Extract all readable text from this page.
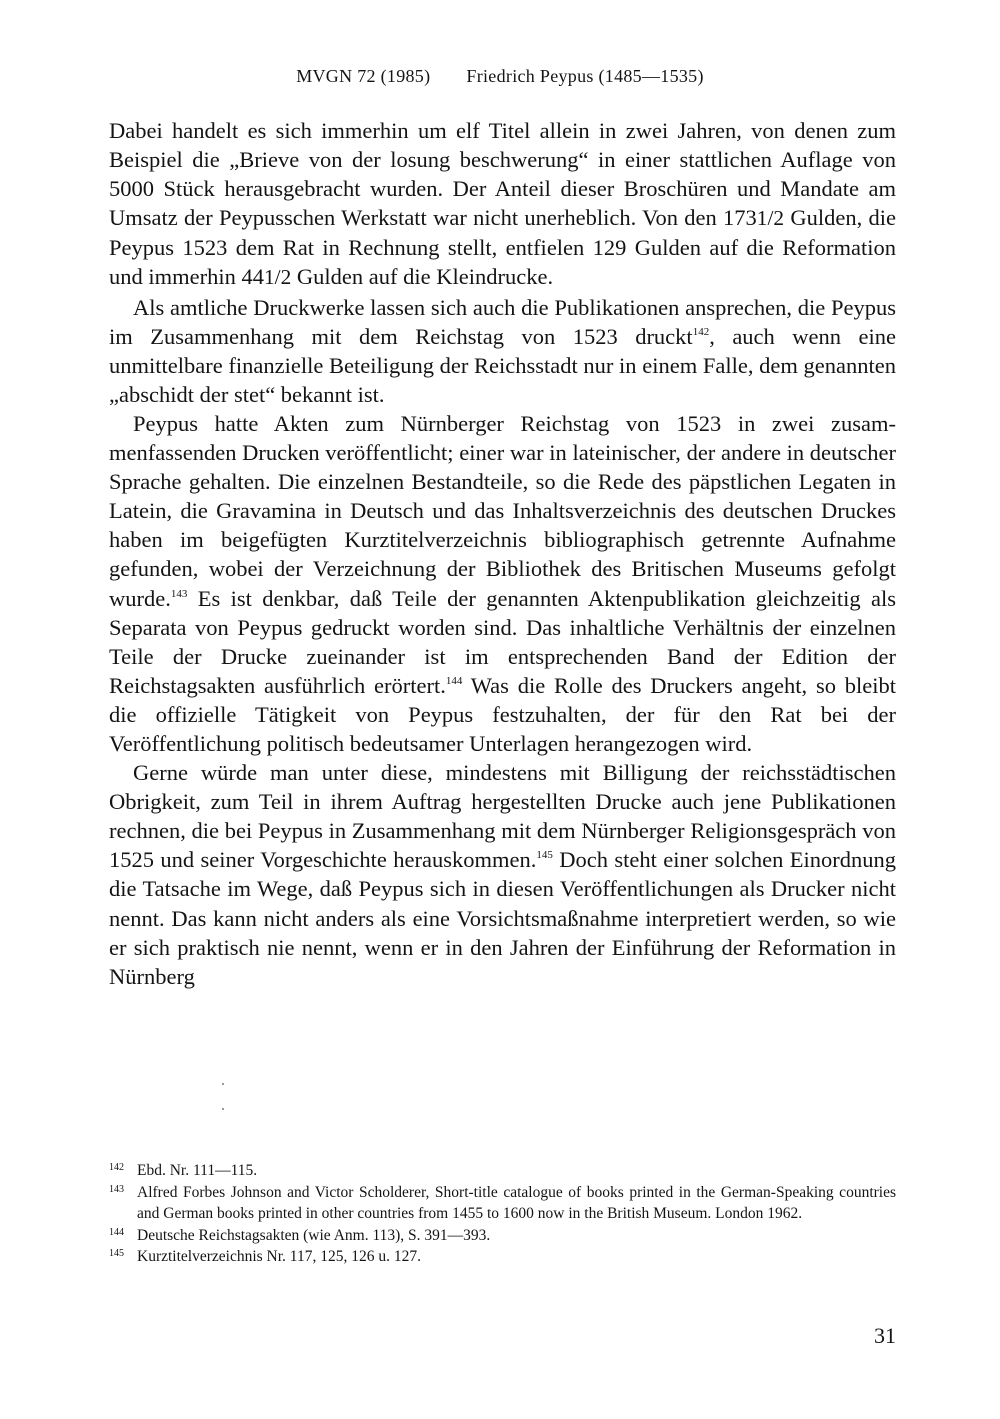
MVGN 72 (1985) Friedrich Peypus (1485—1535)

Dabei handelt es sich immerhin um elf Titel allein in zwei Jahren, von denen zum Beispiel die „Brieve von der losung beschwerung“ in einer stattlichen Auflage von 5000 Stück herausgebracht wurden. Der Anteil dieser Broschüren und Mandate am Umsatz der Peypusschen Werkstatt war nicht unerheblich. Von den 1731/2 Gulden, die Peypus 1523 dem Rat in Rechnung stellt, entfielen 129 Gulden auf die Reformation und immerhin 441/2 Gulden auf die Kleindrucke.

Als amtliche Druckwerke lassen sich auch die Publikationen ansprechen, die Peypus im Zusammenhang mit dem Reichstag von 1523 druckt$^{142}$, auch wenn eine unmittelbare finanzielle Beteiligung der Reichsstadt nur in einem Falle, dem genannten „abschidt der stet“ bekannt ist.

Peypus hatte Akten zum Nürnberger Reichstag von 1523 in zwei zusammenfassenden Drucken veröffentlicht; einer war in lateinischer, der andere in deutscher Sprache gehalten. Die einzelnen Bestandteile, so die Rede des päpstlichen Legaten in Latein, die Gravamina in Deutsch und das Inhaltsverzeichnis des deutschen Druckes haben im beigefügten Kurztitelverzeichnis bibliographisch getrennte Aufnahme gefunden, wobei der Verzeichnung der Bibliothek des Britischen Museums gefolgt wurde.$^{143}$ Es ist denkbar, daß Teile der genannten Aktenpublikation gleichzeitig als Separata von Peypus gedruckt worden sind. Das inhaltliche Verhältnis der einzelnen Teile der Drucke zueinander ist im entsprechenden Band der Edition der Reichstagsakten ausführlich erörtert.$^{144}$ Was die Rolle des Druckers angeht, so bleibt die offizielle Tätigkeit von Peypus festzuhalten, der für den Rat bei der Veröffentlichung politisch bedeutsamer Unterlagen herangezogen wird.

Gerne würde man unter diese, mindestens mit Billigung der reichsstädtischen Obrigkeit, zum Teil in ihrem Auftrag hergestellten Drucke auch jene Publikationen rechnen, die bei Peypus in Zusammenhang mit dem Nürnberger Religionsgespräch von 1525 und seiner Vorgeschichte herauskommen.$^{145}$ Doch steht einer solchen Einordnung die Tatsache im Wege, daß Peypus sich in diesen Veröffentlichungen als Drucker nicht nennt. Das kann nicht anders als eine Vorsichtsmaßnahme interpretiert werden, so wie er sich praktisch nie nennt, wenn er in den Jahren der Einführung der Reformation in Nürnberg

142 Ebd. Nr. 111—115.
143 Alfred Forbes Johnson and Victor Scholderer, Short-title catalogue of books printed in the German-Speaking countries and German books printed in other countries from 1455 to 1600 now in the British Museum. London 1962.
144 Deutsche Reichstagsakten (wie Anm. 113), S. 391—393.
145 Kurztitelverzeichnis Nr. 117, 125, 126 u. 127.
31
